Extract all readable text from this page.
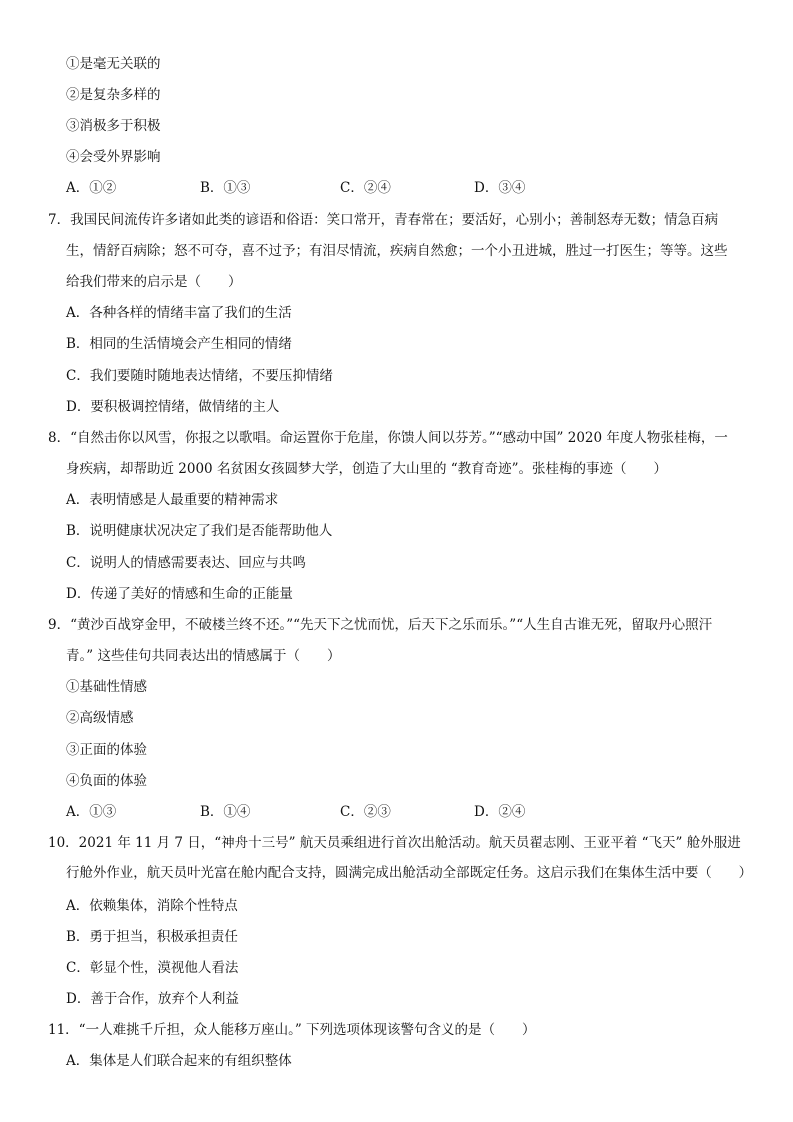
①是毫无关联的
②是复杂多样的
③消极多于积极
④会受外界影响
A．①②	B．①③	C．②④	D．③④
7．我国民间流传许多诸如此类的谚语和俗语：笑口常开，青春常在；要活好，心别小；善制怒寿无数；情急百病
生，情舒百病除；怒不可夺，喜不过予；有泪尽情流，疾病自然愈；一个小丑进城，胜过一打医生；等等。这些
给我们带来的启示是（　　）
A．各种各样的情绪丰富了我们的生活
B．相同的生活情境会产生相同的情绪
C．我们要随时随地表达情绪，不要压抑情绪
D．要积极调控情绪，做情绪的主人
8．“自然击你以风雪，你报之以歌唱。命运置你于危崖，你馈人间以芬芳。”“感动中国” 2020 年度人物张桂梅，一
身疾病，却帮助近 2000 名贫困女孩圆梦大学，创造了大山里的 “教育奇迹”。张桂梅的事迹（　　）
A．表明情感是人最重要的精神需求
B．说明健康状况决定了我们是否能帮助他人
C．说明人的情感需要表达、回应与共鸣
D．传递了美好的情感和生命的正能量
9．“黄沙百战穿金甲，不破楼兰终不还。”“先天下之忧而忧，后天下之乐而乐。”“人生自古谁无死，留取丹心照汗
青。” 这些佳句共同表达出的情感属于（　　）
①基础性情感
②高级情感
③正面的体验
④负面的体验
A．①③	B．①④	C．②③	D．②④
10．2021 年 11 月 7 日，“神舟十三号” 航天员乘组进行首次出舱活动。航天员翟志刚、王亚平着 “飞天” 舱外服进
行舱外作业，航天员叶光富在舱内配合支持，圆满完成出舱活动全部既定任务。这启示我们在集体生活中要（　　）
A．依赖集体，消除个性特点
B．勇于担当，积极承担责任
C．彰显个性，漠视他人看法
D．善于合作，放弃个人利益
11．“一人难挑千斤担，众人能移万座山。” 下列选项体现该警句含义的是（　　）
A．集体是人们联合起来的有组织整体
